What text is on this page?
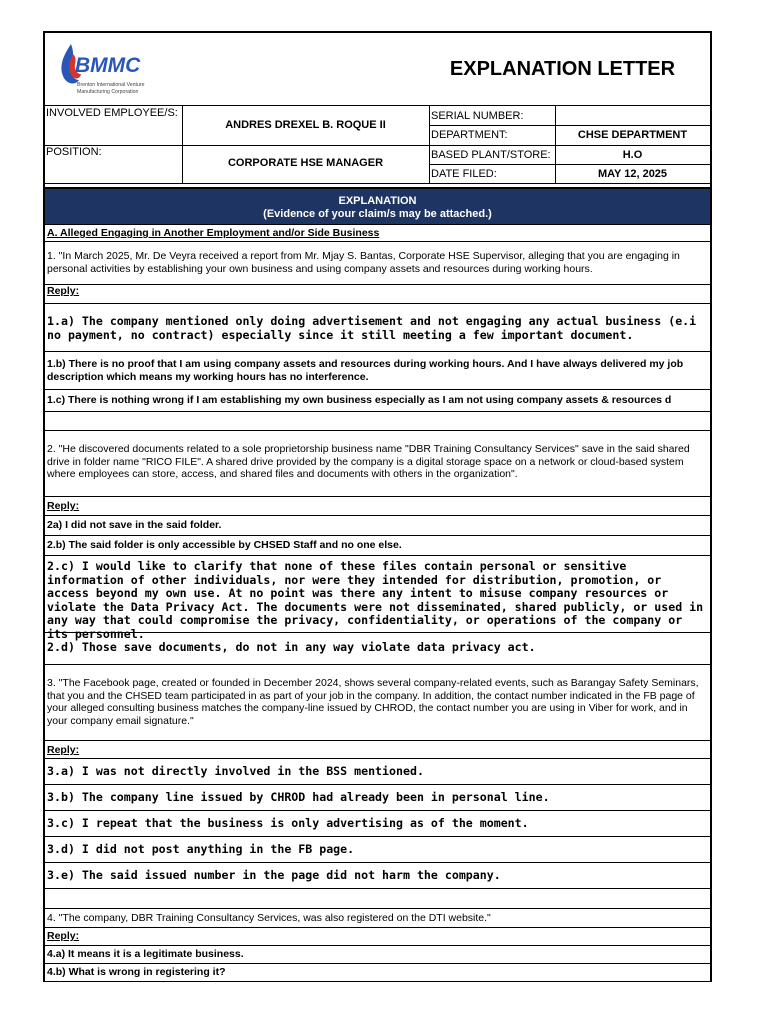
BMMC
Brenton International Venture
Manufacturing Corporation
EXPLANATION LETTER
INVOLVED EMPLOYEE/S:
ANDRES DREXEL B. ROQUE II
POSITION:
CORPORATE HSE MANAGER
SERIAL NUMBER:
DEPARTMENT:	CHSE DEPARTMENT
BASED PLANT/STORE:	H.O
DATE FILED:	MAY 12, 2025
EXPLANATION
(Evidence of your claim/s may be attached.)
A. Alleged Engaging in Another Employment and/or Side Business
1. "In March 2025, Mr. De Veyra received a report from Mr. Mjay S. Bantas, Corporate HSE Supervisor, alleging that you are engaging in personal activities by establishing your own business and using company assets and resources during working hours.
Reply:
1.a) The company mentioned only doing advertisement and not engaging any actual business (e.i no payment, no contract) especially since it still meeting a few important document.
1.b) There is no proof that I am using company assets and resources during working hours. And I have always delivered my job description which means my working hours has no interference.
1.c) There is nothing wrong if I am establishing my own business especially as I am not using company assets & resources d
2. "He discovered documents related to a sole proprietorship business name "DBR Training Consultancy Services" save in the said shared drive in folder name "RICO FILE". A shared drive provided by the company is a digital storage space on a network or cloud-based system where employees can store, access, and shared files and documents with others in the organization".
Reply:
2a) I did not save in the said folder.
2.b) The said folder is only accessible by CHSED Staff and no one else.
2.c) I would like to clarify that none of these files contain personal or sensitive information of other individuals, nor were they intended for distribution, promotion, or access beyond my own use. At no point was there any intent to misuse company resources or violate the Data Privacy Act. The documents were not disseminated, shared publicly, or used in any way that could compromise the privacy, confidentiality, or operations of the company or its personnel.
2.d) Those save documents, do not in any way violate data privacy act.
3. "The Facebook page, created or founded in December 2024, shows several company-related events, such as Barangay Safety Seminars, that you and the CHSED team participated in as part of your job in the company. In addition, the contact number indicated in the FB page of your alleged consulting business matches the company-line issued by CHROD, the contact number you are using in Viber for work, and in your company email signature."
Reply:
3.a) I was not directly involved in the BSS mentioned.
3.b) The company line issued by CHROD had already been in personal line.
3.c) I repeat that the business is only advertising as of the moment.
3.d) I did not post anything in the FB page.
3.e) The said issued number in the page did not harm the company.
4. "The company, DBR Training Consultancy Services, was also registered on the DTI website."
Reply:
4.a) It means it is a legitimate business.
4.b) What is wrong in registering it?
